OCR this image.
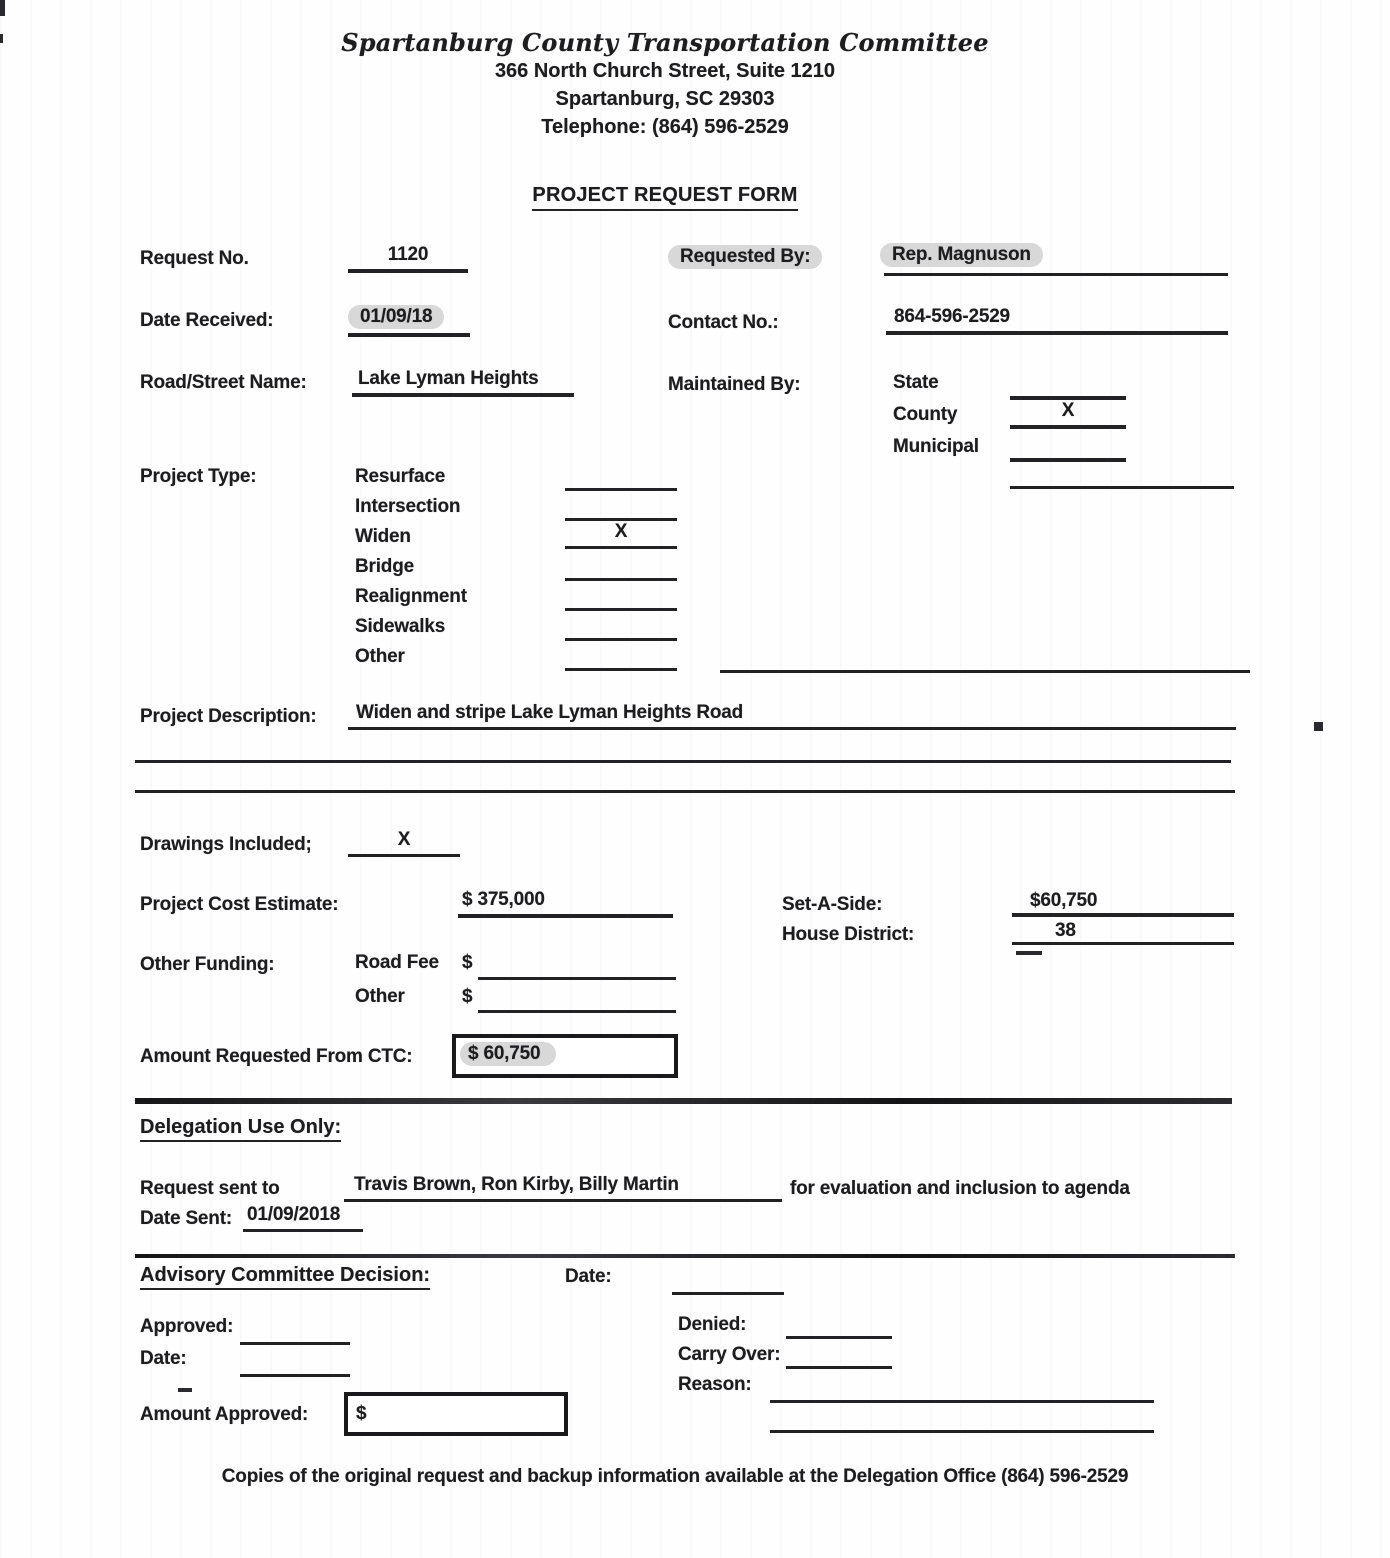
Spartanburg County Transportation Committee
366 North Church Street, Suite 1210
Spartanburg, SC 29303
Telephone: (864) 596-2529
PROJECT REQUEST FORM
Request No.	1120	Requested By:	Rep. Magnuson
Date Received:	01/09/18	Contact No.:	864-596-2529
Road/Street Name:	Lake Lyman Heights	Maintained By:	State
County	X
Municipal
Project Type:	Resurface
Intersection
Widen	X
Bridge
Realignment
Sidewalks
Other
Project Description:	Widen and stripe Lake Lyman Heights Road
Drawings Included;	X
Project Cost Estimate:	$ 375,000	Set-A-Side:	$60,750
House District:	38
Other Funding:	Road Fee $
Other	$
Amount Requested From CTC:	$ 60,750
Delegation Use Only:
Request sent to	Travis Brown, Ron Kirby, Billy Martin	for evaluation and inclusion to agenda
Date Sent: 01/09/2018
Advisory Committee Decision:	Date:
Approved:
Date:
Denied:
Carry Over:
Reason:
Amount Approved:	$
Copies of the original request and backup information available at the Delegation Office (864) 596-2529
